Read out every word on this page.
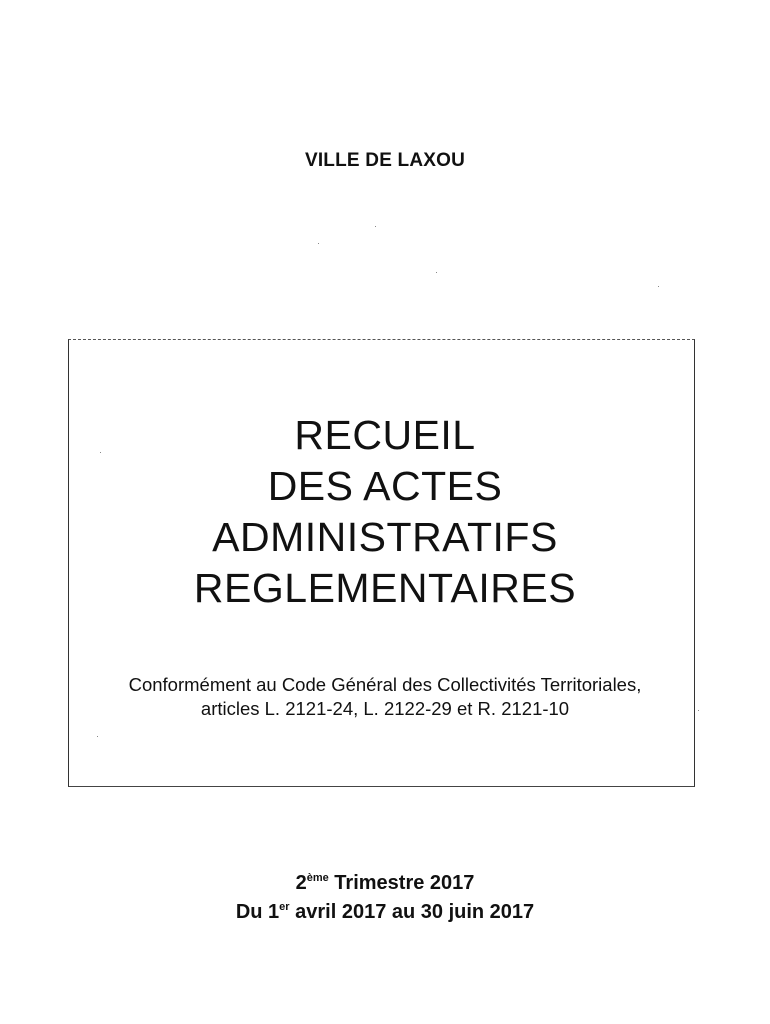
VILLE DE LAXOU
RECUEIL
DES ACTES
ADMINISTRATIFS
REGLEMENTAIRES
Conformément au Code Général des Collectivités Territoriales,
articles L. 2121-24, L. 2122-29 et R. 2121-10
2ème Trimestre 2017
Du 1er avril 2017 au 30 juin 2017
